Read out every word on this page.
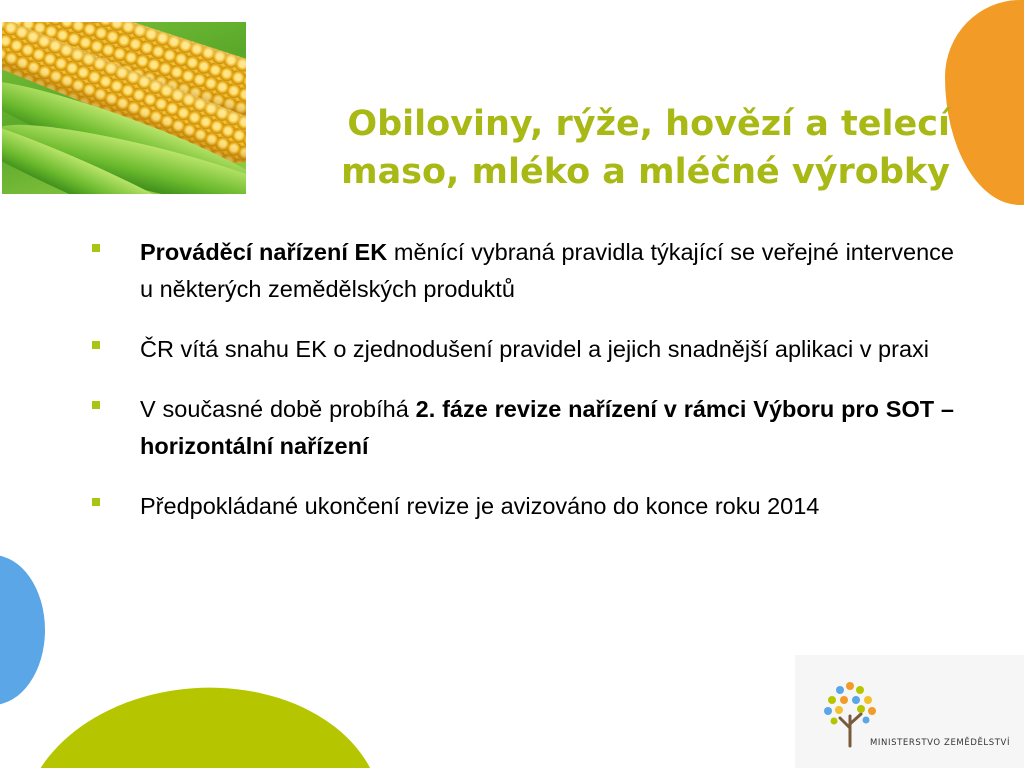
Obiloviny, rýže, hovězí a telecí
maso, mléko a mléčné výrobky
Prováděcí nařízení EK měnící vybraná pravidla týkající se veřejné intervence u některých zemědělských produktů
ČR vítá snahu EK o zjednodušení pravidel a jejich snadnější aplikaci v praxi
V současné době probíhá 2. fáze revize nařízení v rámci Výboru pro SOT – horizontální nařízení
Předpokládané ukončení revize je avizováno do konce roku 2014
MINISTERSTVO ZEMĚDĚLSTVÍ
